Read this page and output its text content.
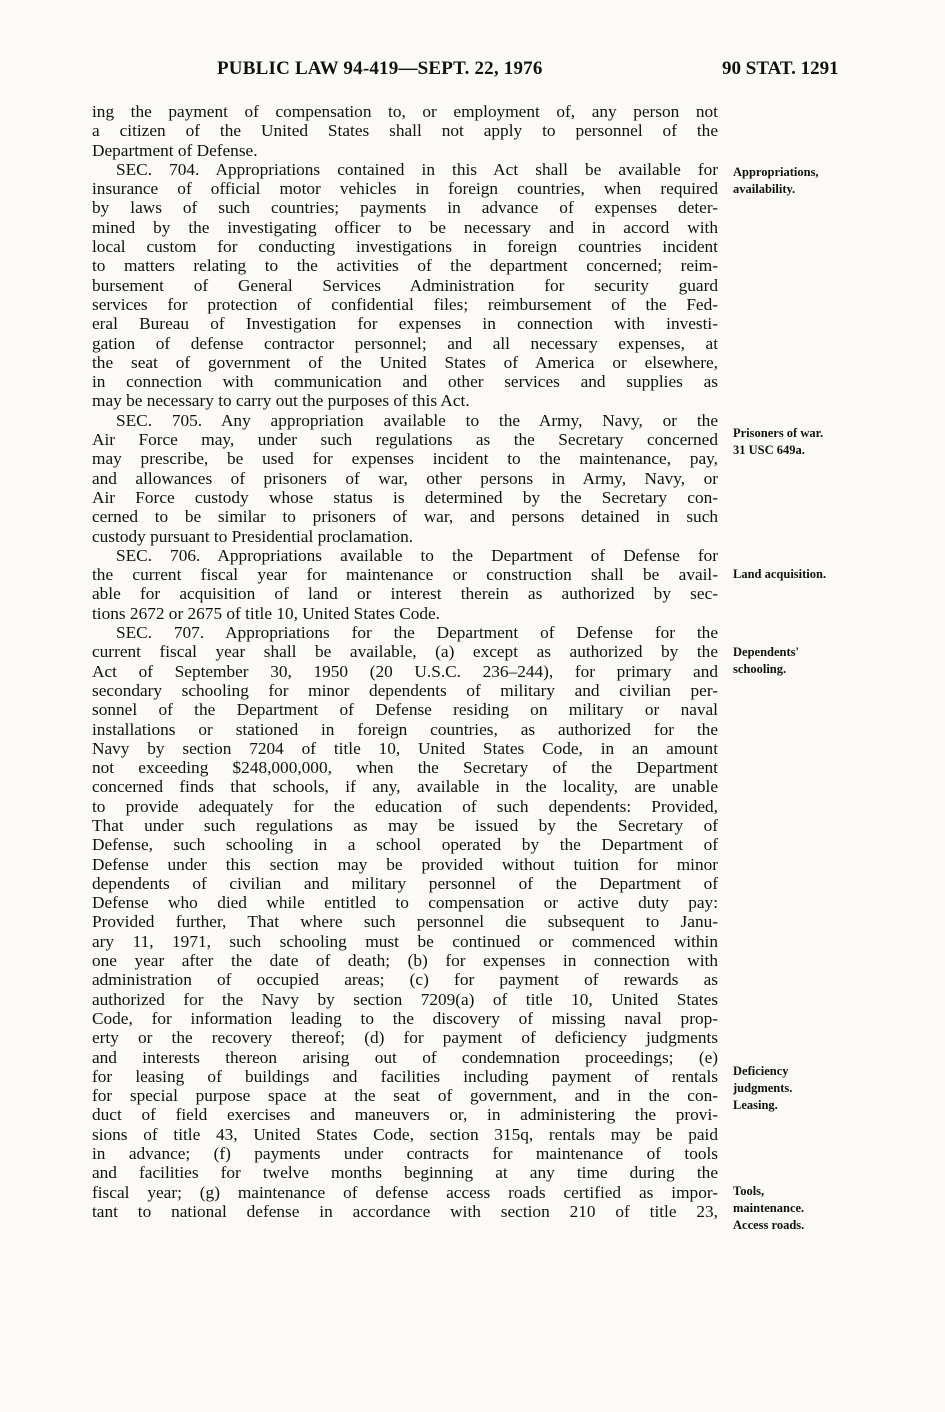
PUBLIC LAW 94-419—SEPT. 22, 1976	90 STAT. 1291
ing the payment of compensation to, or employment of, any person not
a citizen of the United States shall not apply to personnel of the
Department of Defense.
SEC. 704. Appropriations contained in this Act shall be available for
insurance of official motor vehicles in foreign countries, when required
by laws of such countries; payments in advance of expenses deter-
mined by the investigating officer to be necessary and in accord with
local custom for conducting investigations in foreign countries incident
to matters relating to the activities of the department concerned; reim-
bursement of General Services Administration for security guard
services for protection of confidential files; reimbursement of the Fed-
eral Bureau of Investigation for expenses in connection with investi-
gation of defense contractor personnel; and all necessary expenses, at
the seat of government of the United States of America or elsewhere,
in connection with communication and other services and supplies as
may be necessary to carry out the purposes of this Act.
SEC. 705. Any appropriation available to the Army, Navy, or the
Air Force may, under such regulations as the Secretary concerned
may prescribe, be used for expenses incident to the maintenance, pay,
and allowances of prisoners of war, other persons in Army, Navy, or
Air Force custody whose status is determined by the Secretary con-
cerned to be similar to prisoners of war, and persons detained in such
custody pursuant to Presidential proclamation.
SEC. 706. Appropriations available to the Department of Defense for
the current fiscal year for maintenance or construction shall be avail-
able for acquisition of land or interest therein as authorized by sec-
tions 2672 or 2675 of title 10, United States Code.
SEC. 707. Appropriations for the Department of Defense for the
current fiscal year shall be available, (a) except as authorized by the
Act of September 30, 1950 (20 U.S.C. 236–244), for primary and
secondary schooling for minor dependents of military and civilian per-
sonnel of the Department of Defense residing on military or naval
installations or stationed in foreign countries, as authorized for the
Navy by section 7204 of title 10, United States Code, in an amount
not exceeding $248,000,000, when the Secretary of the Department
concerned finds that schools, if any, available in the locality, are unable
to provide adequately for the education of such dependents: Provided,
That under such regulations as may be issued by the Secretary of
Defense, such schooling in a school operated by the Department of
Defense under this section may be provided without tuition for minor
dependents of civilian and military personnel of the Department of
Defense who died while entitled to compensation or active duty pay:
Provided further, That where such personnel die subsequent to Janu-
ary 11, 1971, such schooling must be continued or commenced within
one year after the date of death; (b) for expenses in connection with
administration of occupied areas; (c) for payment of rewards as
authorized for the Navy by section 7209(a) of title 10, United States
Code, for information leading to the discovery of missing naval prop-
erty or the recovery thereof; (d) for payment of deficiency judgments
and interests thereon arising out of condemnation proceedings; (e)
for leasing of buildings and facilities including payment of rentals
for special purpose space at the seat of government, and in the con-
duct of field exercises and maneuvers or, in administering the provi-
sions of title 43, United States Code, section 315q, rentals may be paid
in advance; (f) payments under contracts for maintenance of tools
and facilities for twelve months beginning at any time during the
fiscal year; (g) maintenance of defense access roads certified as impor-
tant to national defense in accordance with section 210 of title 23,
Appropriations,
availability.
Prisoners of war.
31 USC 649a.
Land acquisition.
Dependents'
schooling.
Deficiency
judgments.
Leasing.
Tools,
maintenance.
Access roads.
